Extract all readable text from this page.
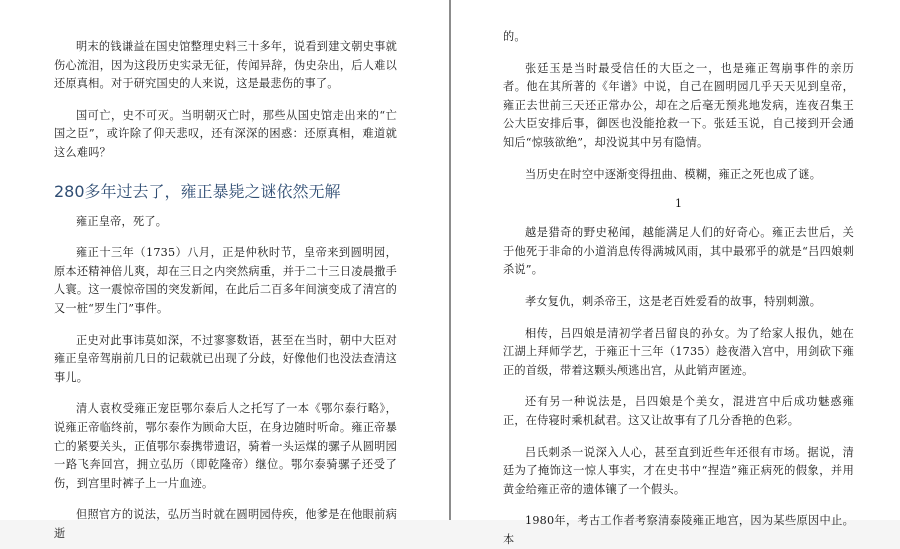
明末的钱谦益在国史馆整理史料三十多年，说看到建文朝史事就伤心流泪，因为这段历史实录无征，传闻异辞，伪史杂出，后人难以还原真相。对于研究国史的人来说，这是最悲伤的事了。

国可亡，史不可灭。当明朝灭亡时，那些从国史馆走出来的“亡国之臣”，或许除了仰天悲叹，还有深深的困惑：还原真相，难道就这么难吗？

280多年过去了，雍正暴毙之谜依然无解

雍正皇帝，死了。

雍正十三年（1735）八月，正是仲秋时节，皇帝来到圆明园，原本还精神倍儿爽，却在三日之内突然病重，并于二十三日凌晨撒手人寰。这一震惊帝国的突发新闻，在此后二百多年间演变成了清宫的又一桩“罗生门”事件。

正史对此事讳莫如深，不过寥寥数语，甚至在当时，朝中大臣对雍正皇帝驾崩前几日的记载就已出现了分歧，好像他们也没法查清这事儿。

清人袁枚受雍正宠臣鄂尔泰后人之托写了一本《鄂尔泰行略》，说雍正帝临终前，鄂尔泰作为顾命大臣，在身边随时听命。雍正帝暴亡的紧要关头，正值鄂尔泰携带遗诏，骑着一头运煤的骡子从圆明园一路飞奔回宫，拥立弘历（即乾隆帝）继位。鄂尔泰骑骡子还受了伤，到宫里时裤子上一片血迹。

但照官方的说法，弘历当时就在圆明园侍疾，他爹是在他眼前病逝

的。

张廷玉是当时最受信任的大臣之一，也是雍正驾崩事件的亲历者。他在其所著的《年谱》中说，自己在圆明园几乎天天见到皇帝，雍正去世前三天还正常办公，却在之后毫无预兆地发病，连夜召集王公大臣安排后事，御医也没能抢救一下。张廷玉说，自己接到开会通知后“惊骇欲绝”，却没说其中另有隐情。

当历史在时空中逐渐变得扭曲、模糊，雍正之死也成了谜。

1

越是猎奇的野史秘闻，越能满足人们的好奇心。雍正去世后，关于他死于非命的小道消息传得满城风雨，其中最邪乎的就是“吕四娘刺杀说”。

孝女复仇，刺杀帝王，这是老百姓爱看的故事，特别刺激。

相传，吕四娘是清初学者吕留良的孙女。为了给家人报仇，她在江湖上拜师学艺，于雍正十三年（1735）趁夜潜入宫中，用剑砍下雍正的首级，带着这颗头颅逃出宫，从此销声匿迹。

还有另一种说法是，吕四娘是个美女，混进宫中后成功魅惑雍正，在侍寝时乘机弑君。这又让故事有了几分香艳的色彩。

吕氏刺杀一说深入人心，甚至直到近些年还很有市场。据说，清廷为了掩饰这一惊人事实，才在史书中“捏造”雍正病死的假象，并用黄金给雍正帝的遗体镶了一个假头。

1980年，考古工作者考察清泰陵雍正地宫，因为某些原因中止。本
